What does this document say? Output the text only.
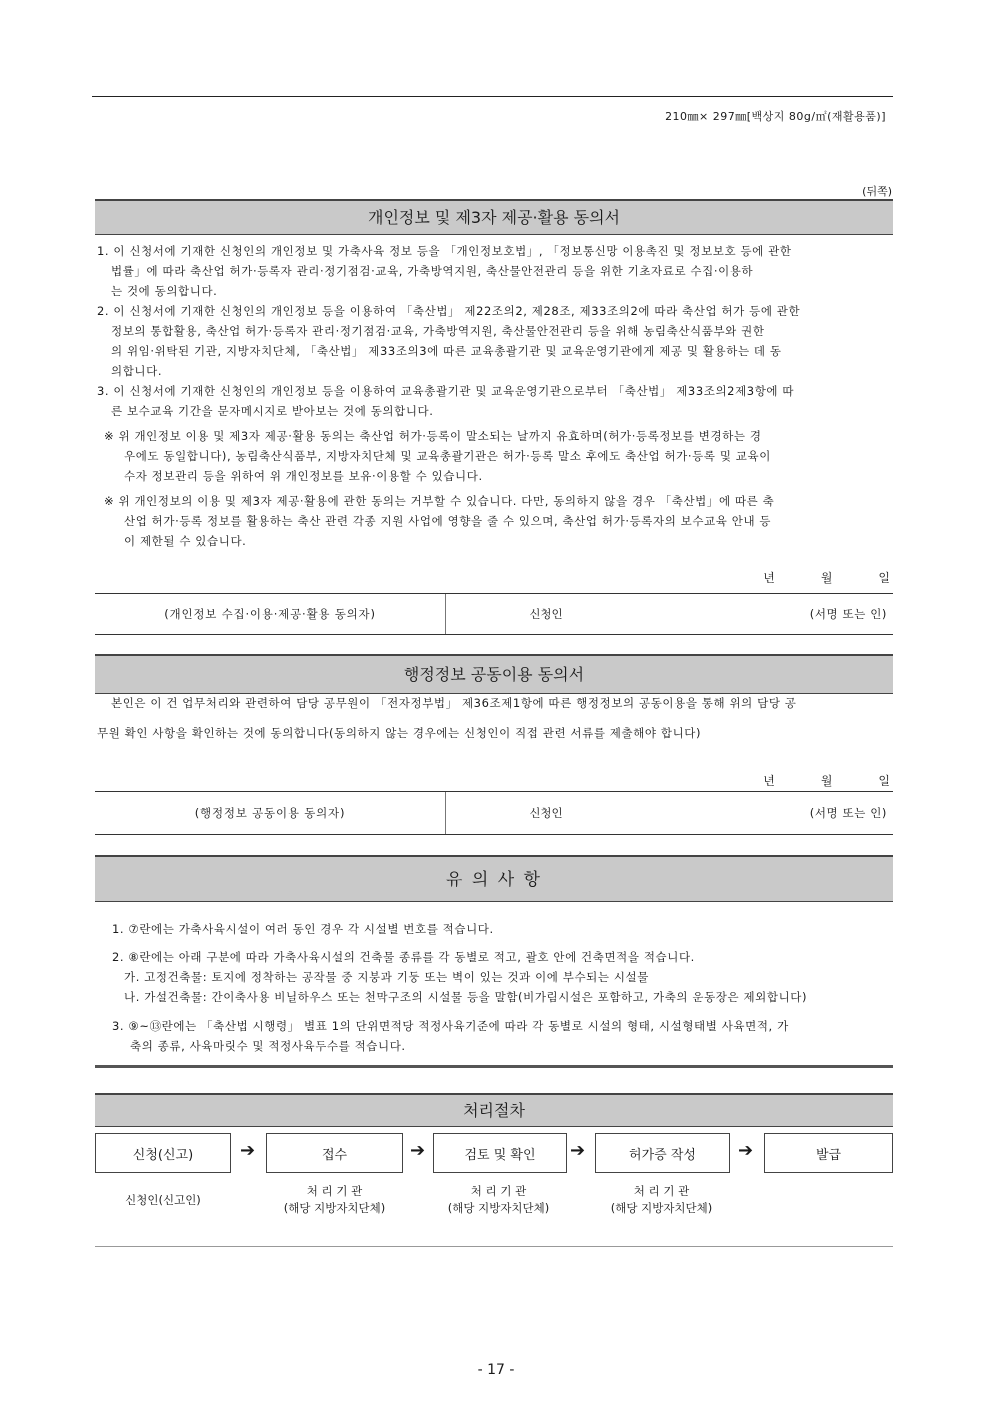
210㎜× 297㎜[백상지 80g/㎡(재활용품)]
(뒤쪽)
개인정보 및 제3자 제공·활용 동의서
1. 이 신청서에 기재한 신청인의 개인정보 및 가축사육 정보 등을 「개인정보호법」, 「정보통신망 이용촉진 및 정보보호 등에 관한
법률」에 따라 축산업 허가·등록자 관리·정기점검·교육, 가축방역지원, 축산물안전관리 등을 위한 기초자료로 수집·이용하
는 것에 동의합니다.
2. 이 신청서에 기재한 신청인의 개인정보 등을 이용하여 「축산법」 제22조의2, 제28조, 제33조의2에 따라 축산업 허가 등에 관한
정보의 통합활용, 축산업 허가·등록자 관리·정기점검·교육, 가축방역지원, 축산물안전관리 등을 위해 농림축산식품부와 권한
의 위임·위탁된 기관, 지방자치단체, 「축산법」 제33조의3에 따른 교육총괄기관 및 교육운영기관에게 제공 및 활용하는 데 동
의합니다.
3. 이 신청서에 기재한 신청인의 개인정보 등을 이용하여 교육총괄기관 및 교육운영기관으로부터 「축산법」 제33조의2제3항에 따
른 보수교육 기간을 문자메시지로 받아보는 것에 동의합니다.
※ 위 개인정보 이용 및 제3자 제공·활용 동의는 축산업 허가·등록이 말소되는 날까지 유효하며(허가·등록정보를 변경하는 경
우에도 동일합니다), 농림축산식품부, 지방자치단체 및 교육총괄기관은 허가·등록 말소 후에도 축산업 허가·등록 및 교육이
수자 정보관리 등을 위하여 위 개인정보를 보유·이용할 수 있습니다.
※ 위 개인정보의 이용 및 제3자 제공·활용에 관한 동의는 거부할 수 있습니다. 다만, 동의하지 않을 경우 「축산법」에 따른 축
산업 허가·등록 정보를 활용하는 축산 관련 각종 지원 사업에 영향을 줄 수 있으며, 축산업 허가·등록자의 보수교육 안내 등
이 제한될 수 있습니다.
년	월	일
(개인정보 수집·이용·제공·활용 동의자)	신청인	(서명 또는 인)
행정정보 공동이용 동의서
본인은 이 건 업무처리와 관련하여 담당 공무원이 「전자정부법」 제36조제1항에 따른 행정정보의 공동이용을 통해 위의 담당 공
무원 확인 사항을 확인하는 것에 동의합니다(동의하지 않는 경우에는 신청인이 직접 관련 서류를 제출해야 합니다)
년	월	일
(행정정보 공동이용 동의자)	신청인	(서명 또는 인)
유 의 사 항
1. ⑦란에는 가축사육시설이 여러 동인 경우 각 시설별 번호를 적습니다.
2. ⑧란에는 아래 구분에 따라 가축사육시설의 건축물 종류를 각 동별로 적고, 괄호 안에 건축면적을 적습니다.
가. 고정건축물: 토지에 정착하는 공작물 중 지붕과 기둥 또는 벽이 있는 것과 이에 부수되는 시설물
나. 가설건축물: 간이축사용 비닐하우스 또는 천막구조의 시설물 등을 말함(비가림시설은 포함하고, 가축의 운동장은 제외합니다)
3. ⑨~⑬란에는 「축산법 시행령」 별표 1의 단위면적당 적정사육기준에 따라 각 동별로 시설의 형태, 시설형태별 사육면적, 가
축의 종류, 사육마릿수 및 적정사육두수를 적습니다.
처리절차
신청(신고)	➔	접수	➔	검토 및 확인	➔	허가증 작성	➔	발급
신청인(신고인)
처 리 기 관
(해당 지방자치단체)
처 리 기 관
(해당 지방자치단체)
처 리 기 관
(해당 지방자치단체)
- 17 -
